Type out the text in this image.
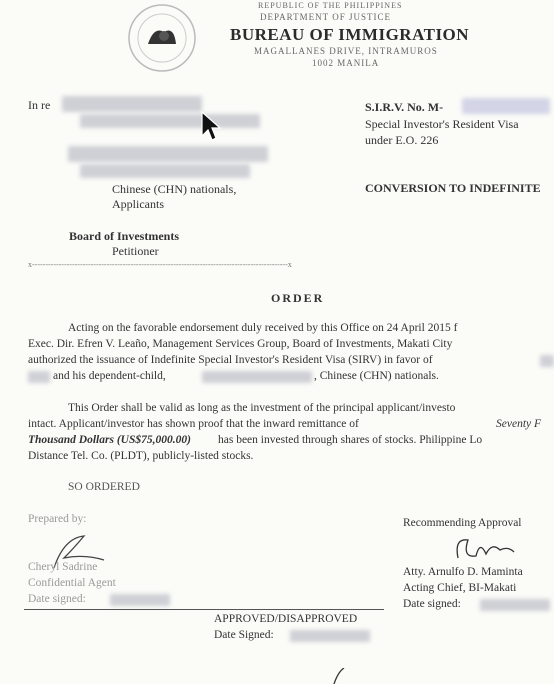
REPUBLIC OF THE PHILIPPINES
DEPARTMENT OF JUSTICE
BUREAU OF IMMIGRATION
MAGALLANES DRIVE, INTRAMUROS
1002 MANILA
In re
Chinese (CHN) nationals,
Applicants
Board of Investments
Petitioner
x------------------------------------------------------------------------------------------------x
S.I.R.V. No. M-
Special Investor's Resident Visa
under E.O. 226
CONVERSION TO INDEFINITE
ORDER
Acting on the favorable endorsement duly received by this Office on 24 April 2015 f
Exec. Dir. Efren V. Leaño, Management Services Group, Board of Investments, Makati City
authorized the issuance of Indefinite Special Investor's Resident Visa (SIRV) in favor of
and his dependent-child,	, Chinese (CHN) nationals.
This Order shall be valid as long as the investment of the principal applicant/investo
intact. Applicant/investor has shown proof that the inward remittance of	Seventy F
Thousand Dollars (US$75,000.00) has been invested through shares of stocks. Philippine Lo
Distance Tel. Co. (PLDT), publicly-listed stocks.
SO ORDERED
Prepared by:
Cheryl Sadrine
Confidential Agent
Date signed:
Recommending Approval
Atty. Arnulfo D. Maminta
Acting Chief, BI-Makati
Date signed:
APPROVED/DISAPPROVED
Date Signed:
